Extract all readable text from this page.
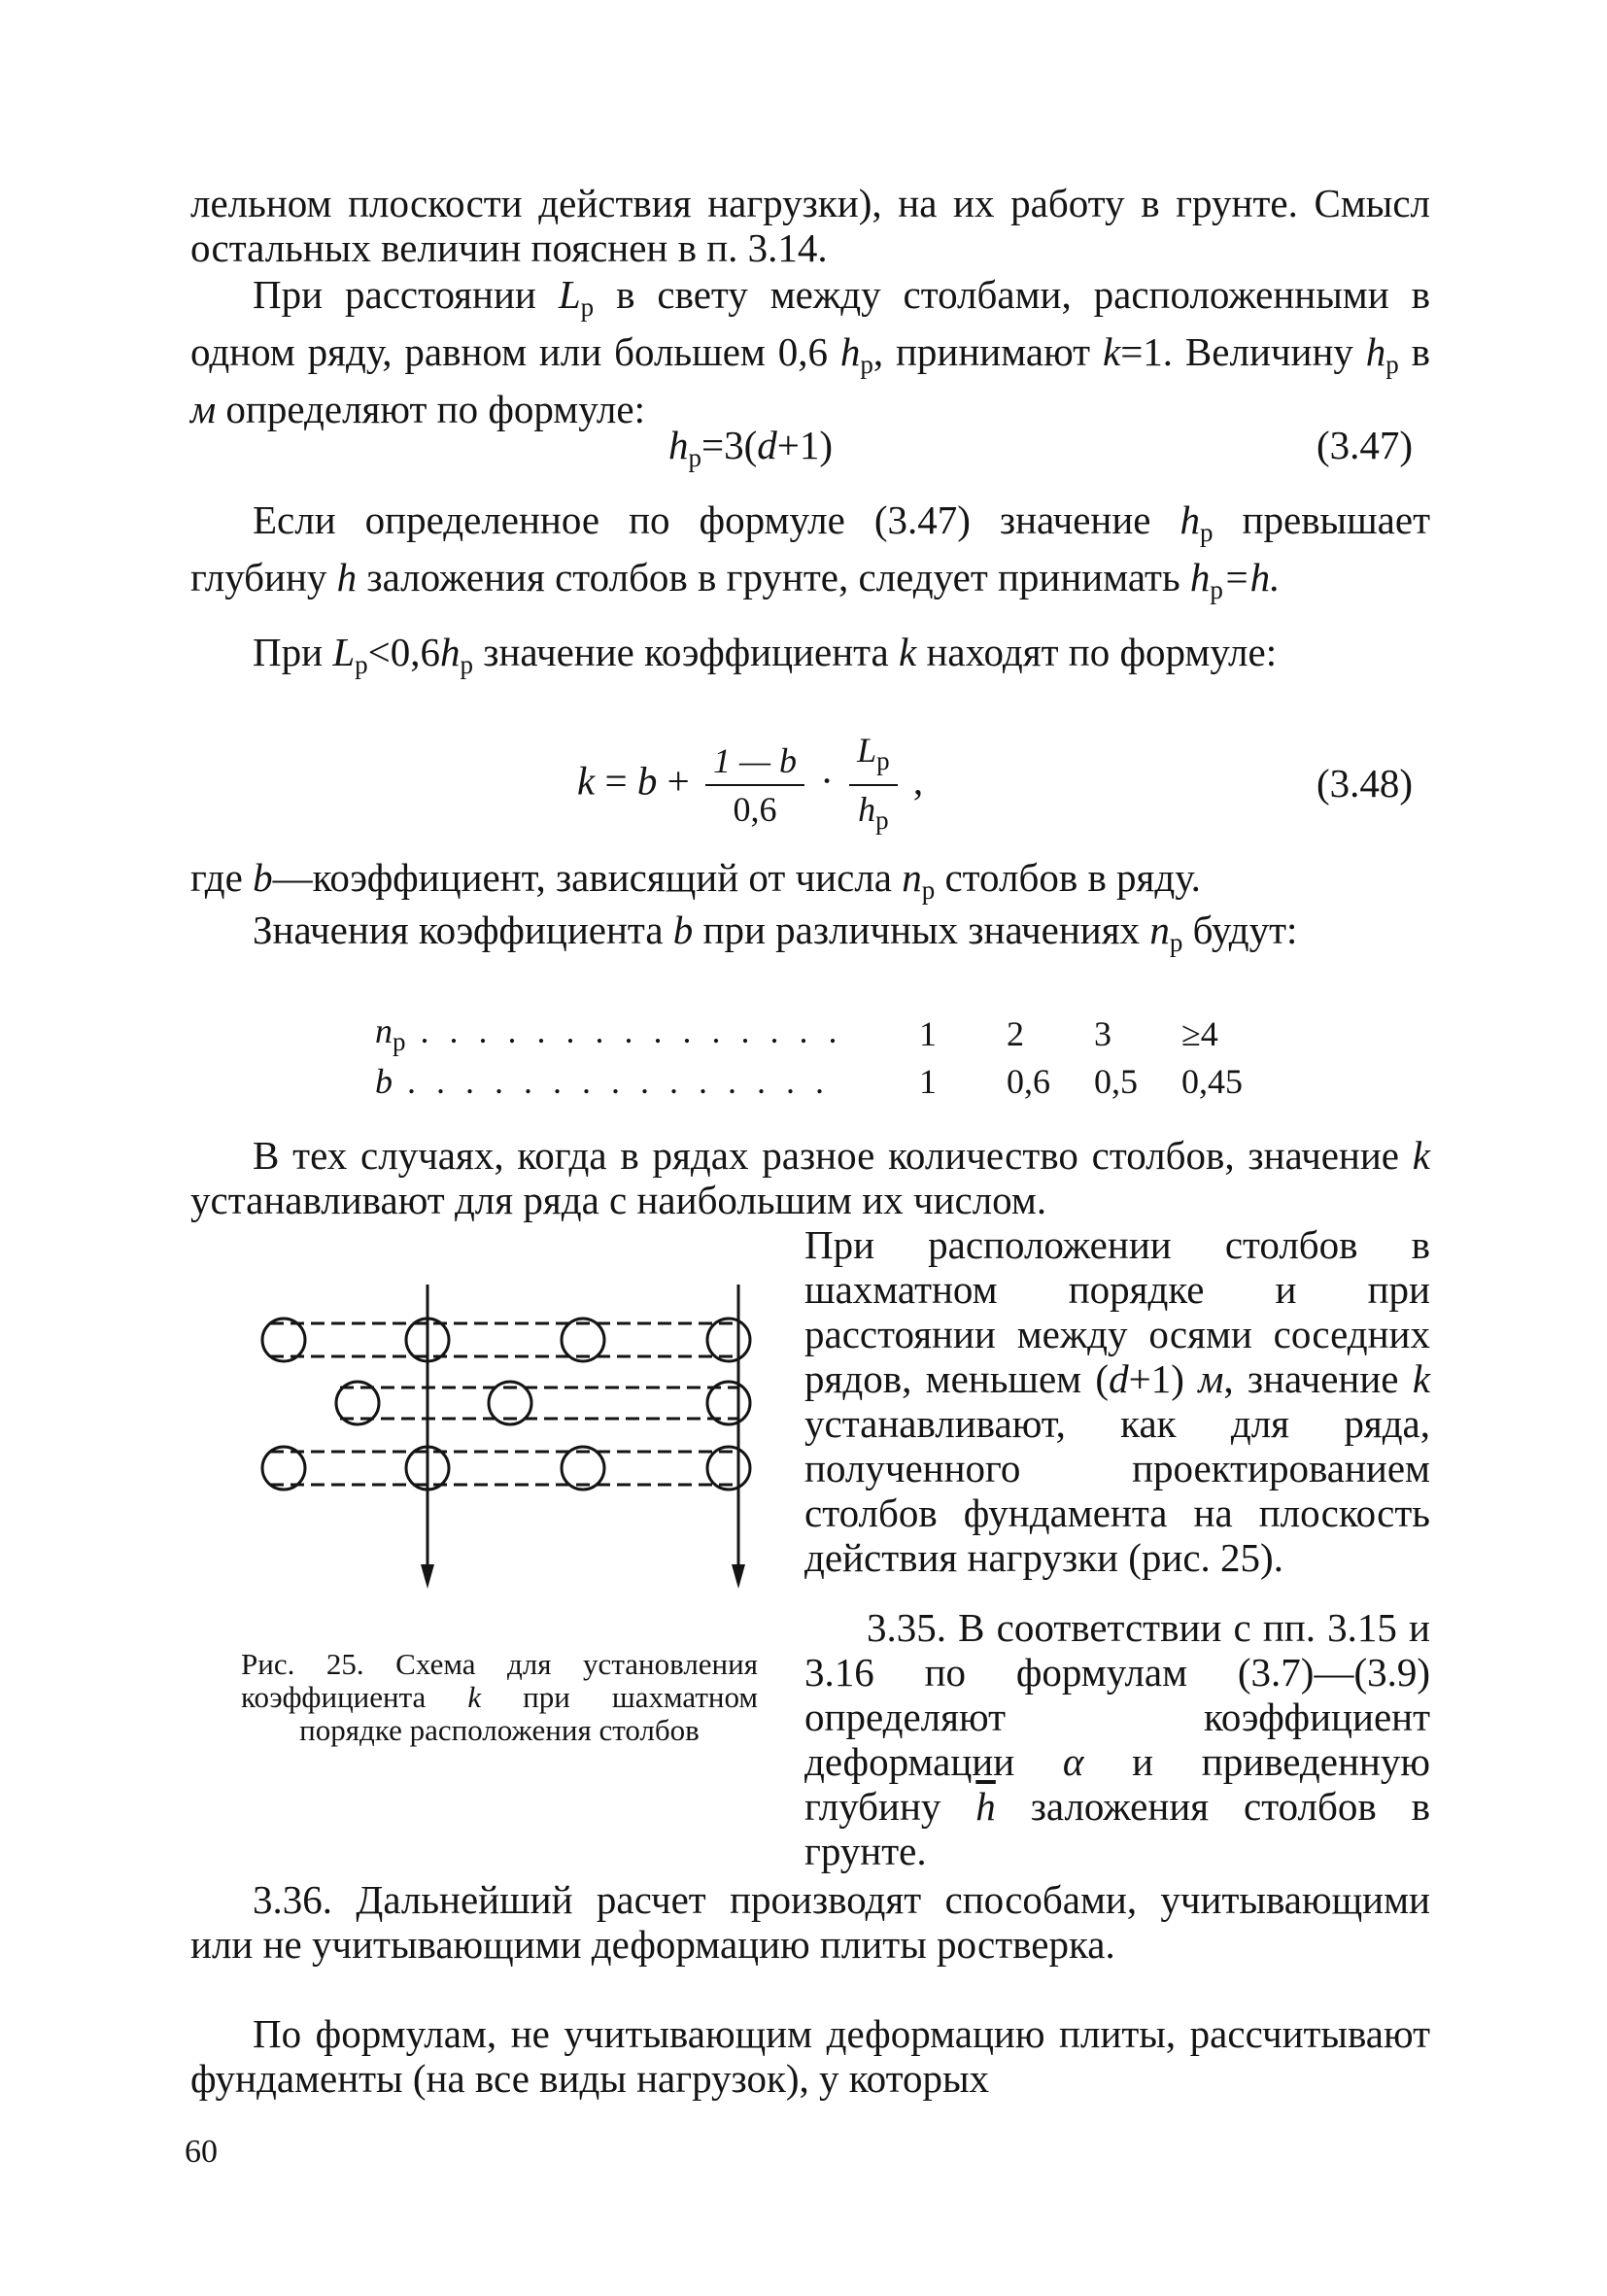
лельном плоскости действия нагрузки), на их работу в грунте. Смысл остальных величин пояснен в п. 3.14.

При расстоянии $L_р$ в свету между столбами, расположенными в одном ряду, равном или большем 0,6 $h_р$, принимают k=1. Величину $h_р$ в м определяют по формуле:

$h_р=3(d+1)$	(3.47)

Если определенное по формуле (3.47) значение $h_р$ превышает глубину h заложения столбов в грунте, следует принимать $h_р=h$.

При $L_р<0,6h_р$ значение коэффициента k находят по формуле:

$k = b + \frac{1 — b}{0,6} \cdot \frac{L_р}{h_р}$ ,	(3.48)

где b—коэффициент, зависящий от числа $n_р$ столбов в ряду.

Значения коэффициента b при различных значениях $n_р$ будут:

$n_р$ . . . . . . . . . . . . . . .	1	2	3	≥4
b . . . . . . . . . . . . . . .	1	0,6	0,5	0,45

В тех случаях, когда в рядах разное количество столбов, значение k устанавливают для ряда с наибольшим их числом.

При расположении столбов в шахматном порядке и при расстоянии между осями соседних рядов, меньшем (d+1) м, значение k устанавливают, как для ряда, полученного проектированием столбов фундамента на плоскость действия нагрузки (рис. 25).

Рис. 25. Схема для установления коэффициента k при шахматном порядке расположения столбов

3.35. В соответствии с пп. 3.15 и 3.16 по формулам (3.7)—(3.9) определяют коэффициент деформации α и приведенную глубину $\overline{h}$ заложения столбов в грунте.

3.36. Дальнейший расчет производят способами, учитывающими или не учитывающими деформацию плиты ростверка.

По формулам, не учитывающим деформацию плиты, рассчитывают фундаменты (на все виды нагрузок), у которых

60
